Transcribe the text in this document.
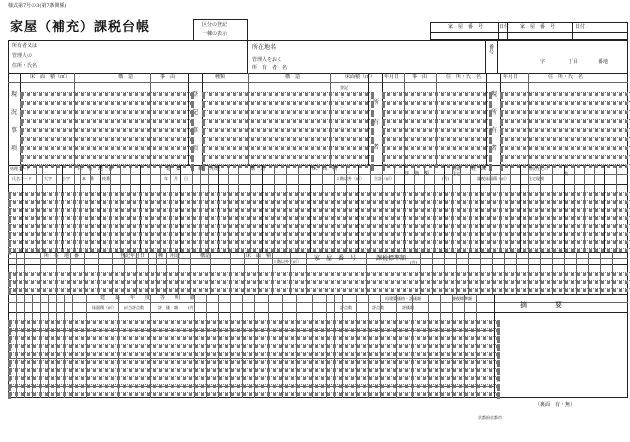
様式第7号の3(第7条関係)
家屋（補充）課税台帳	区分の登記
一棟の表示
家　屋　番　号	日付 家　屋　番　号	日付
所有者又は
管理人の
住所・氏名
所在地名
管理人をおく
所　有　者　名
番号
字	丁目	番地
現
況
事
項
床　面　積（㎡）	構　造	事　由
登
記
事
項
種類	構　造	床面積（㎡）
所
有
者
年月日	事　由	住　所・氏　名
現
所
有
者
年月日	住　所・氏　名
登記
・
・
・
・
・
・
処理コード	所　在　地　番	建　築	種 用途	構　造	床　面　積
評　価　額
(円)
軽　減
新築
住宅
氏名コード	大字	小字	本　番 枝番	年 月 日	１階以外（㎡）	合計（㎡）	課税床面積（㎡）
徴収住宅の
住宅現模
数
所　在　地　番	登記年月日	種 用途	構造	床　面　積
１階以外（㎡） 家　屋　番　号	課税標準額
(円)
建　　築　　年　　度　　等　　明　　細	再建築価格・評価額	課税標準額
摘　　　　要
床面積（㎡） ㎡当評点数	評　価　額	(円)	評点数	評点数	評価額
（裏面　有・無）
京都府京都市
